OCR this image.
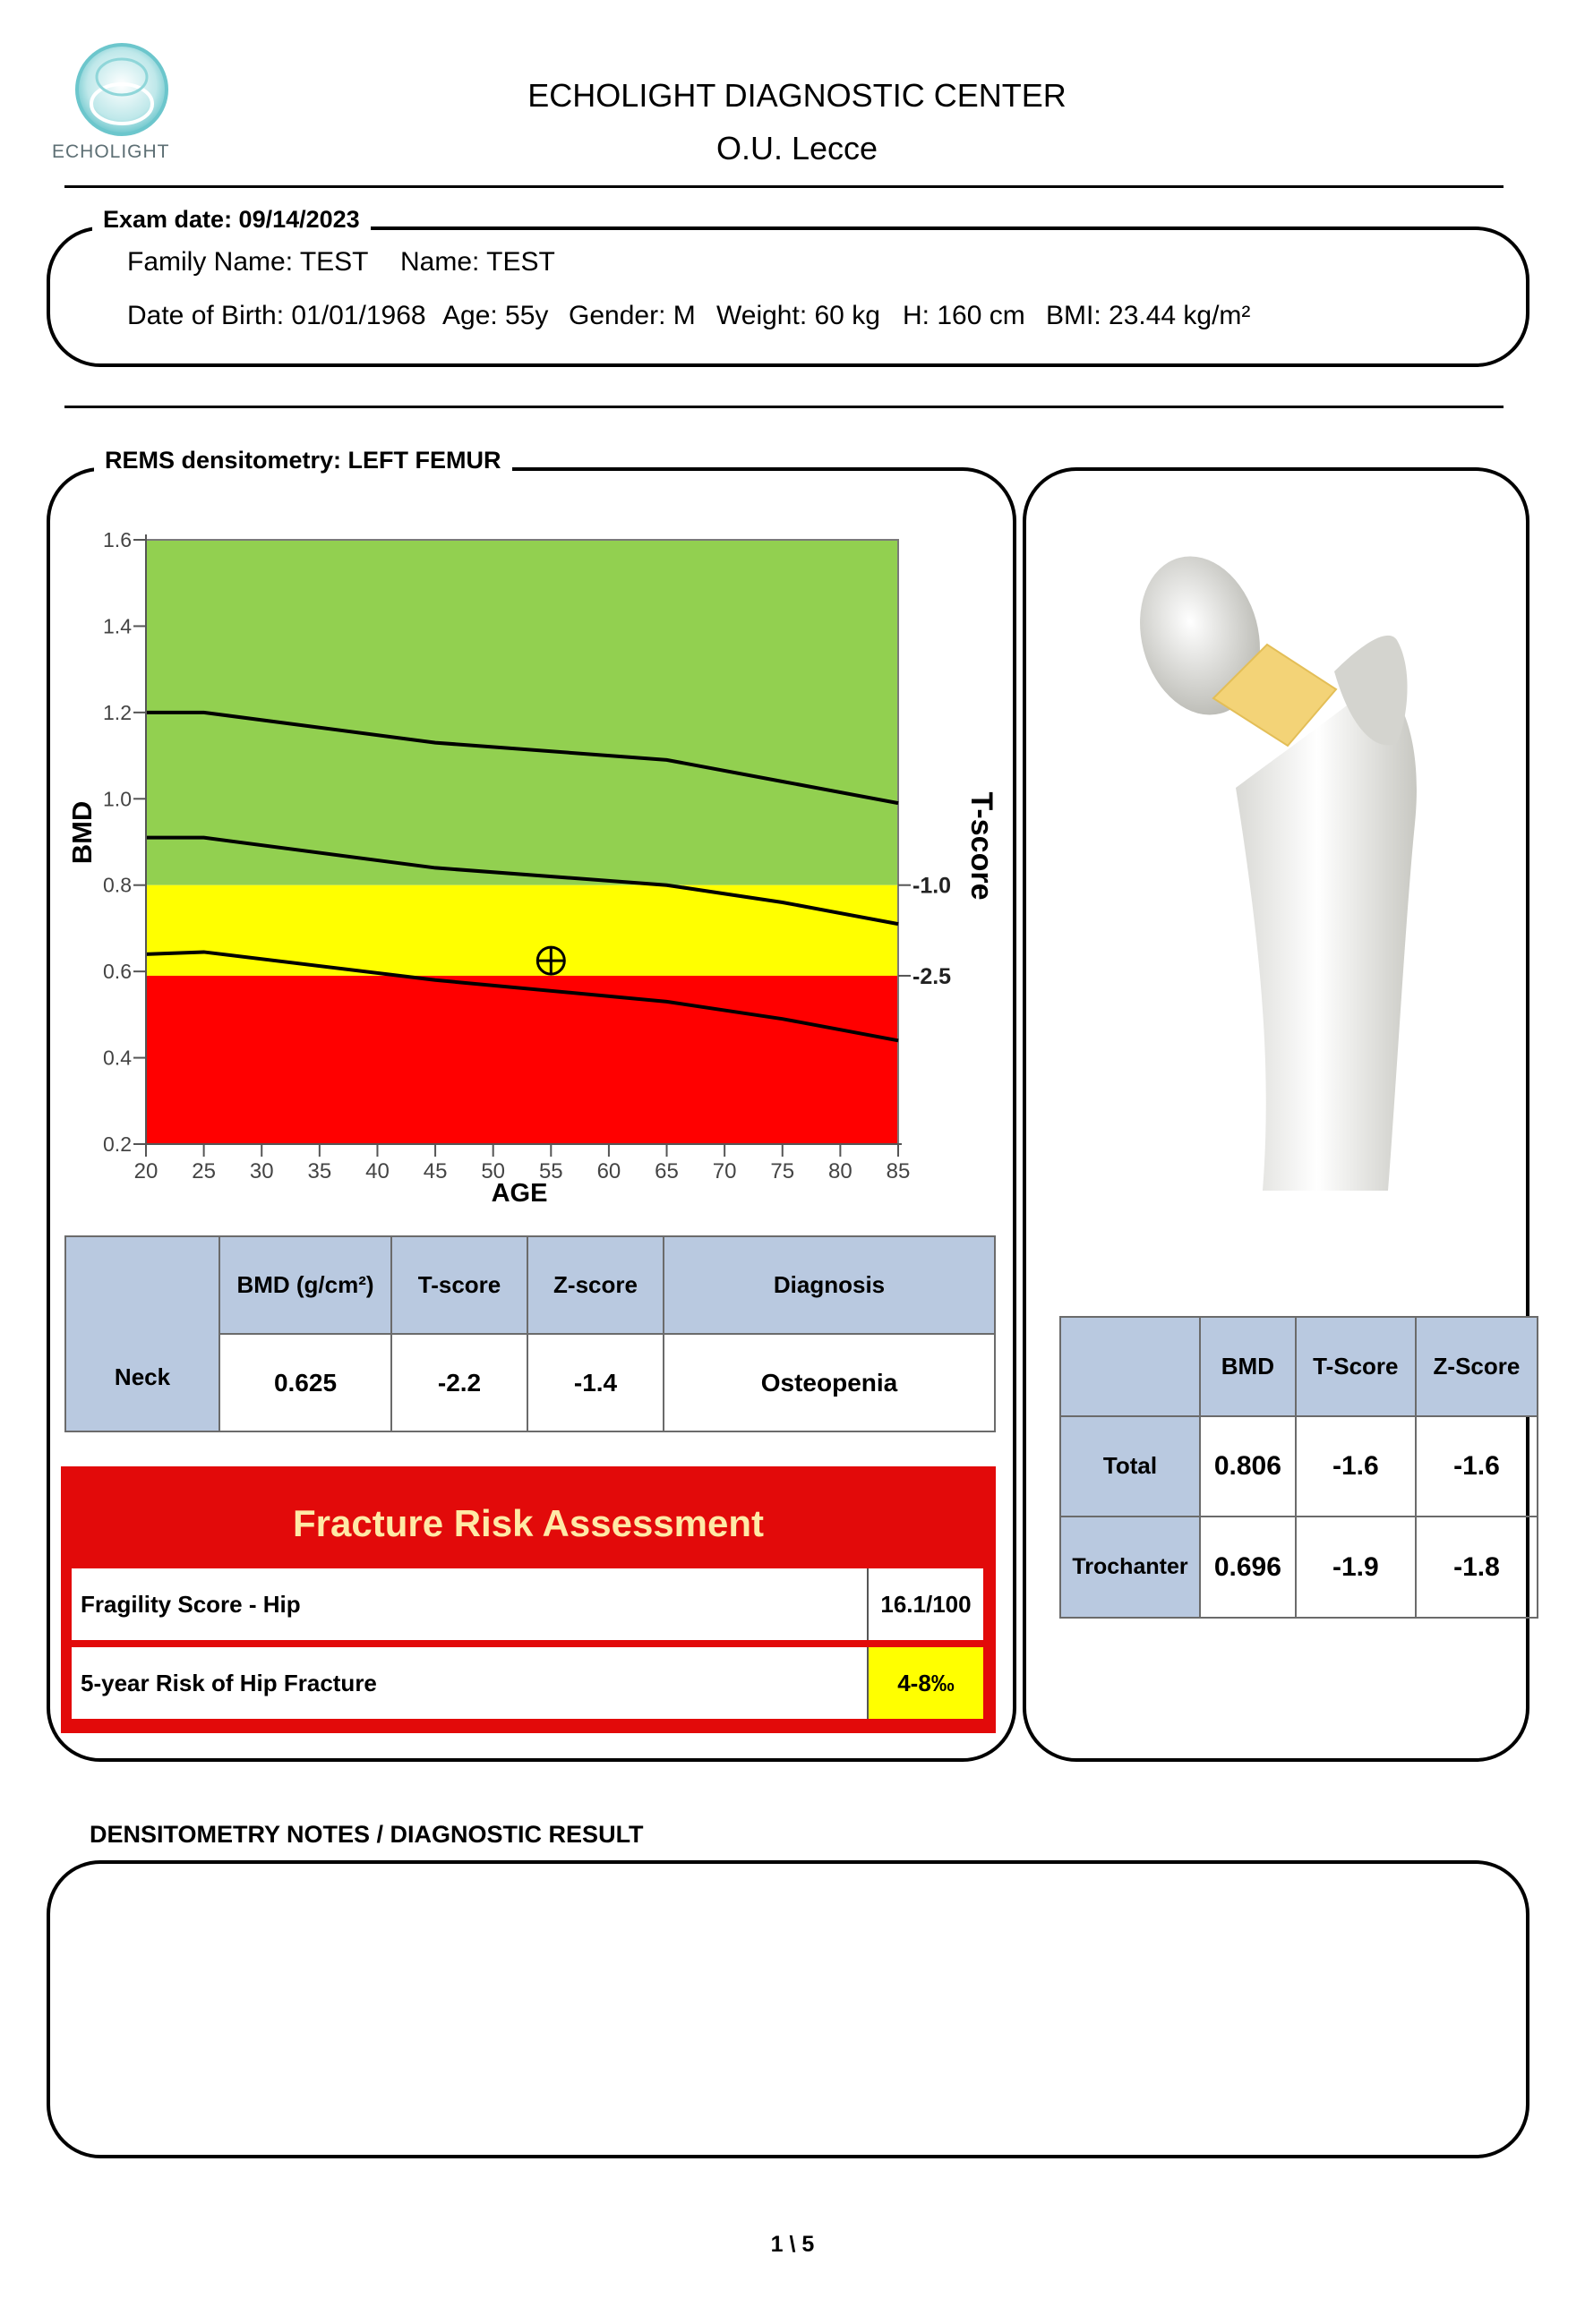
ECHOLIGHT
ECHOLIGHT DIAGNOSTIC CENTER
O.U. Lecce
Exam date: 09/14/2023
Family Name: TEST Name: TEST
Date of Birth: 01/01/1968 Age: 55y Gender: M Weight: 60 kg H: 160 cm BMI: 23.44 kg/m²
REMS densitometry: LEFT FEMUR
20 25 30 35 40 45 50 55 60 65 70 75 80 85
0.2
0.4
0.6
0.8
1.0
1.2
1.4
1.6
-1.0
-2.5
AGE
BMD	T-score
Neck	BMD (g/cm²)	T-score	Z-score	Diagnosis
	0.625	-2.2	-1.4	Osteopenia
Fracture Risk Assessment
Fragility Score - Hip	16.1/100
5-year Risk of Hip Fracture	4-8‰
	BMD	T-Score	Z-Score
Total	0.806	-1.6	-1.6
Trochanter	0.696	-1.9	-1.8
DENSITOMETRY NOTES / DIAGNOSTIC RESULT
1 \ 5
